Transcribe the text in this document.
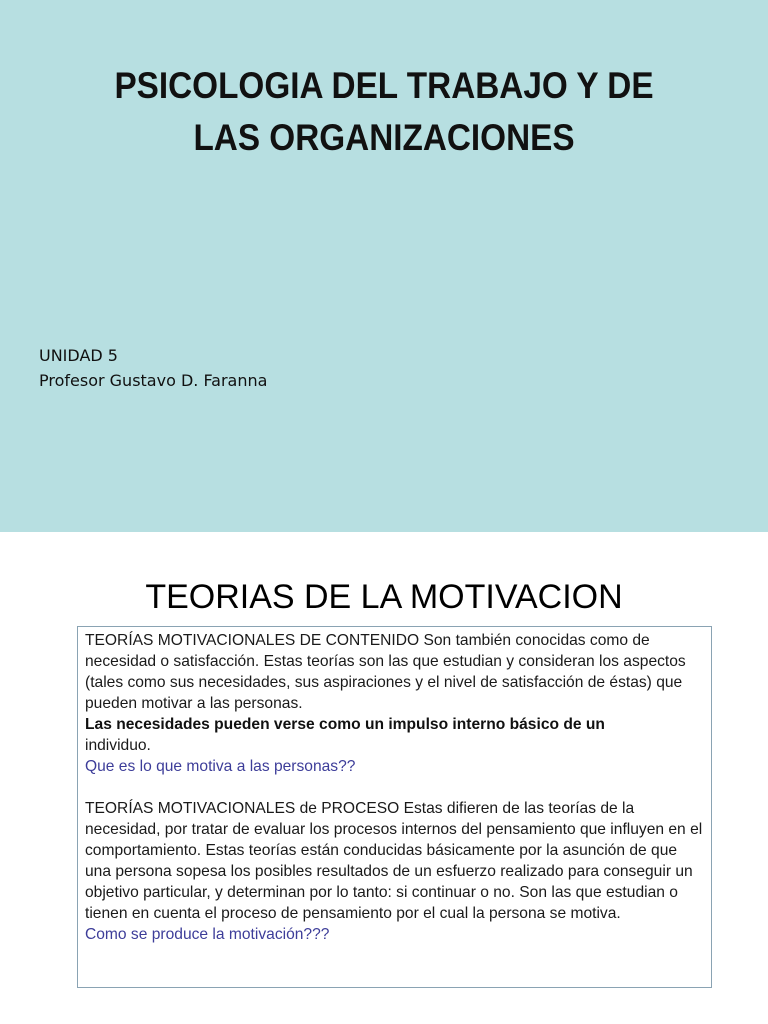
PSICOLOGIA DEL TRABAJO Y DE
LAS ORGANIZACIONES
UNIDAD 5
Profesor Gustavo D. Faranna
TEORIAS DE LA MOTIVACION

TEORÍAS MOTIVACIONALES DE CONTENIDO Son también conocidas como de necesidad o satisfacción. Estas teorías son las que estudian y consideran los aspectos (tales como sus necesidades, sus aspiraciones y el nivel de satisfacción de éstas) que pueden motivar a las personas.

Las necesidades pueden verse como un impulso interno básico de un

individuo.

Que es lo que motiva a las personas??

TEORÍAS MOTIVACIONALES de PROCESO Estas difieren de las teorías de la necesidad, por tratar de evaluar los procesos internos del pensamiento que influyen en el comportamiento. Estas teorías están conducidas básicamente por la asunción de que una persona sopesa los posibles resultados de un esfuerzo realizado para conseguir un objetivo particular, y determinan por lo tanto: si continuar o no. Son las que estudian o tienen en cuenta el proceso de pensamiento por el cual la persona se motiva.

Como se produce la motivación???
